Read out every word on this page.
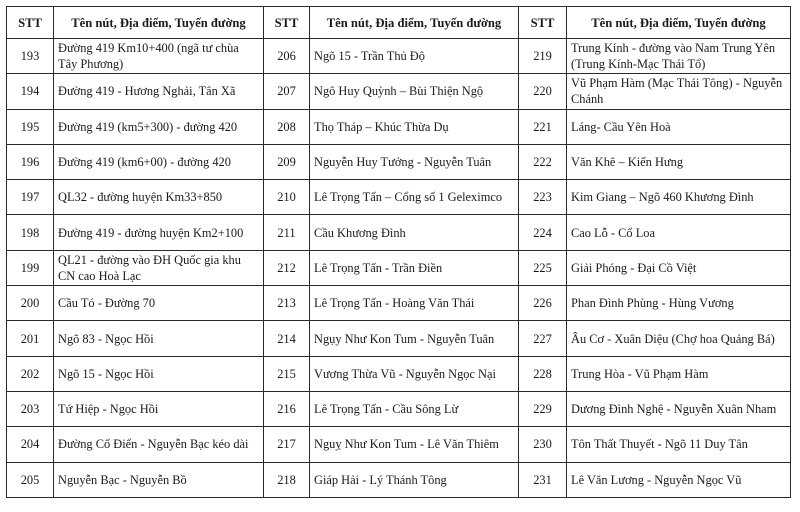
STT	Tên nút, Địa điểm, Tuyến đường	STT	Tên nút, Địa điểm, Tuyến đường	STT	Tên nút, Địa điểm, Tuyến đường
193	Đường 419 Km10+400 (ngã tư chùa Tây Phương)	206	Ngõ 15 - Trần Thủ Độ	219	Trung Kính - đường vào Nam Trung Yên (Trung Kính-Mạc Thái Tổ)
194	Đường 419 - Hương Nghải, Tân Xã	207	Ngô Huy Quỳnh – Bùi Thiện Ngộ	220	Vũ Phạm Hàm (Mạc Thái Tông) - Nguyễn Chánh
195	Đường 419 (km5+300) - đường 420	208	Thọ Tháp – Khúc Thừa Dụ	221	Láng- Cầu Yên Hoà
196	Đường 419 (km6+00) - đường 420	209	Nguyễn Huy Tưởng - Nguyễn Tuân	222	Văn Khê – Kiến Hưng
197	QL32 - đường huyện Km33+850	210	Lê Trọng Tấn – Cổng số 1 Geleximco	223	Kim Giang – Ngõ 460 Khương Đình
198	Đường 419 - đường huyện Km2+100	211	Cầu Khương Đình	224	Cao Lỗ - Cổ Loa
199	QL21 - đường vào ĐH Quốc gia khu CN cao Hoà Lạc	212	Lê Trọng Tấn - Trần Điền	225	Giải Phóng - Đại Cồ Việt
200	Cầu Tó - Đường 70	213	Lê Trọng Tấn - Hoàng Văn Thái	226	Phan Đình Phùng - Hùng Vương
201	Ngõ 83 - Ngọc Hồi	214	Ngụy Như Kon Tum - Nguyễn Tuân	227	Âu Cơ - Xuân Diệu (Chợ hoa Quảng Bá)
202	Ngõ 15 - Ngọc Hồi	215	Vương Thừa Vũ - Nguyễn Ngọc Nại	228	Trung Hòa - Vũ Phạm Hàm
203	Tứ Hiệp - Ngọc Hồi	216	Lê Trọng Tấn - Cầu Sông Lừ	229	Dương Đình Nghệ - Nguyễn Xuân Nham
204	Đường Cổ Điển - Nguyễn Bạc kéo dài	217	Nguỵ Như Kon Tum - Lê Văn Thiêm	230	Tôn Thất Thuyết - Ngõ 11 Duy Tân
205	Nguyễn Bạc - Nguyễn Bồ	218	Giáp Hải - Lý Thánh Tông	231	Lê Văn Lương - Nguyễn Ngọc Vũ
